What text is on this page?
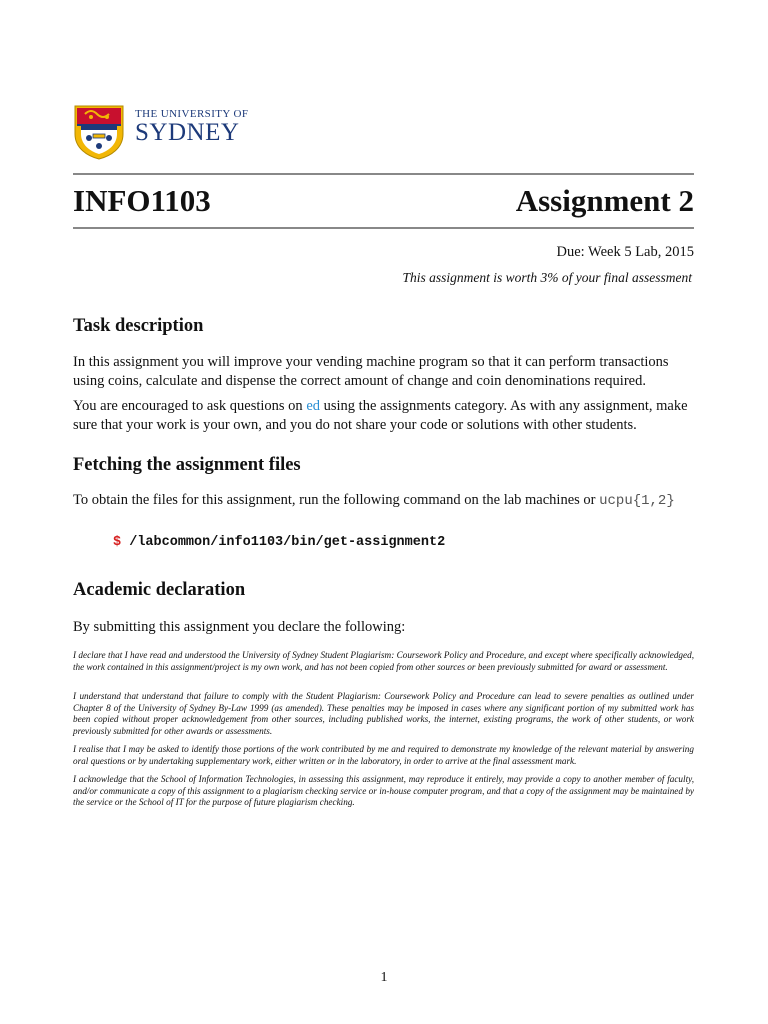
THE UNIVERSITY OF
SYDNEY
INFO1103	Assignment 2
Due: Week 5 Lab, 2015
This assignment is worth 3% of your final assessment
Task description
In this assignment you will improve your vending machine program so that it can perform transactions using coins, calculate and dispense the correct amount of change and coin denominations required.
You are encouraged to ask questions on ed using the assignments category. As with any assignment, make sure that your work is your own, and you do not share your code or solutions with other students.
Fetching the assignment files
To obtain the files for this assignment, run the following command on the lab machines or ucpu{1,2}
$ /labcommon/info1103/bin/get-assignment2
Academic declaration
By submitting this assignment you declare the following:
I declare that I have read and understood the University of Sydney Student Plagiarism: Coursework Policy and Procedure, and except where specifically acknowledged, the work contained in this assignment/project is my own work, and has not been copied from other sources or been previously submitted for award or assessment.
I understand that understand that failure to comply with the Student Plagiarism: Coursework Policy and Procedure can lead to severe penalties as outlined under Chapter 8 of the University of Sydney By-Law 1999 (as amended). These penalties may be imposed in cases where any significant portion of my submitted work has been copied without proper acknowledgement from other sources, including published works, the internet, existing programs, the work of other students, or work previously submitted for other awards or assessments.
I realise that I may be asked to identify those portions of the work contributed by me and required to demonstrate my knowledge of the relevant material by answering oral questions or by undertaking supplementary work, either written or in the laboratory, in order to arrive at the final assessment mark.
I acknowledge that the School of Information Technologies, in assessing this assignment, may reproduce it entirely, may provide a copy to another member of faculty, and/or communicate a copy of this assignment to a plagiarism checking service or in-house computer program, and that a copy of the assignment may be maintained by the service or the School of IT for the purpose of future plagiarism checking.
1
